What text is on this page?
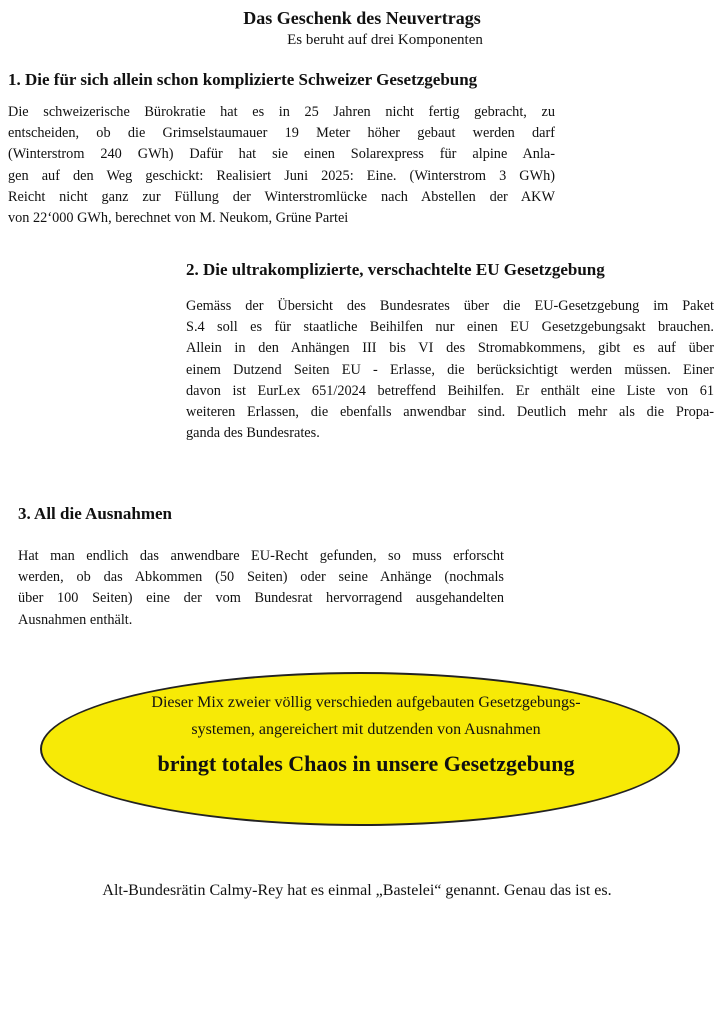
Das Geschenk des Neuvertrags
Es beruht auf drei Komponenten
1. Die für sich allein schon komplizierte Schweizer Gesetzgebung
Die schweizerische Bürokratie hat es in 25 Jahren nicht fertig gebracht, zu
entscheiden, ob die Grimselstaumauer 19 Meter höher gebaut werden darf
(Winterstrom 240 GWh) Dafür hat sie einen Solarexpress für alpine Anla-
gen auf den Weg geschickt: Realisiert Juni 2025: Eine. (Winterstrom 3 GWh)
Reicht nicht ganz zur Füllung der Winterstromlücke nach Abstellen der AKW
von 22‘000 GWh, berechnet von M. Neukom, Grüne Partei
2. Die ultrakomplizierte, verschachtelte EU Gesetzgebung
Gemäss der Übersicht des Bundesrates über die EU-Gesetzgebung im Paket
S.4 soll es für staatliche Beihilfen nur einen EU Gesetzgebungsakt brauchen.
Allein in den Anhängen III bis VI des Stromabkommens, gibt es auf über
einem Dutzend Seiten EU - Erlasse, die berücksichtigt werden müssen. Einer
davon ist EurLex 651/2024 betreffend Beihilfen. Er enthält eine Liste von 61
weiteren Erlassen, die ebenfalls anwendbar sind. Deutlich mehr als die Propa-
ganda des Bundesrates.
3. All die Ausnahmen
Hat man endlich das anwendbare EU-Recht gefunden, so muss erforscht
werden, ob das Abkommen (50 Seiten) oder seine Anhänge (nochmals
über 100 Seiten) eine der vom Bundesrat hervorragend ausgehandelten
Ausnahmen enthält.
Dieser Mix zweier völlig verschieden aufgebauten Gesetzgebungs-
systemen, angereichert mit dutzenden von Ausnahmen
bringt totales Chaos in unsere Gesetzgebung
Alt-Bundesrätin Calmy-Rey hat es einmal „Bastelei“ genannt. Genau das ist es.
